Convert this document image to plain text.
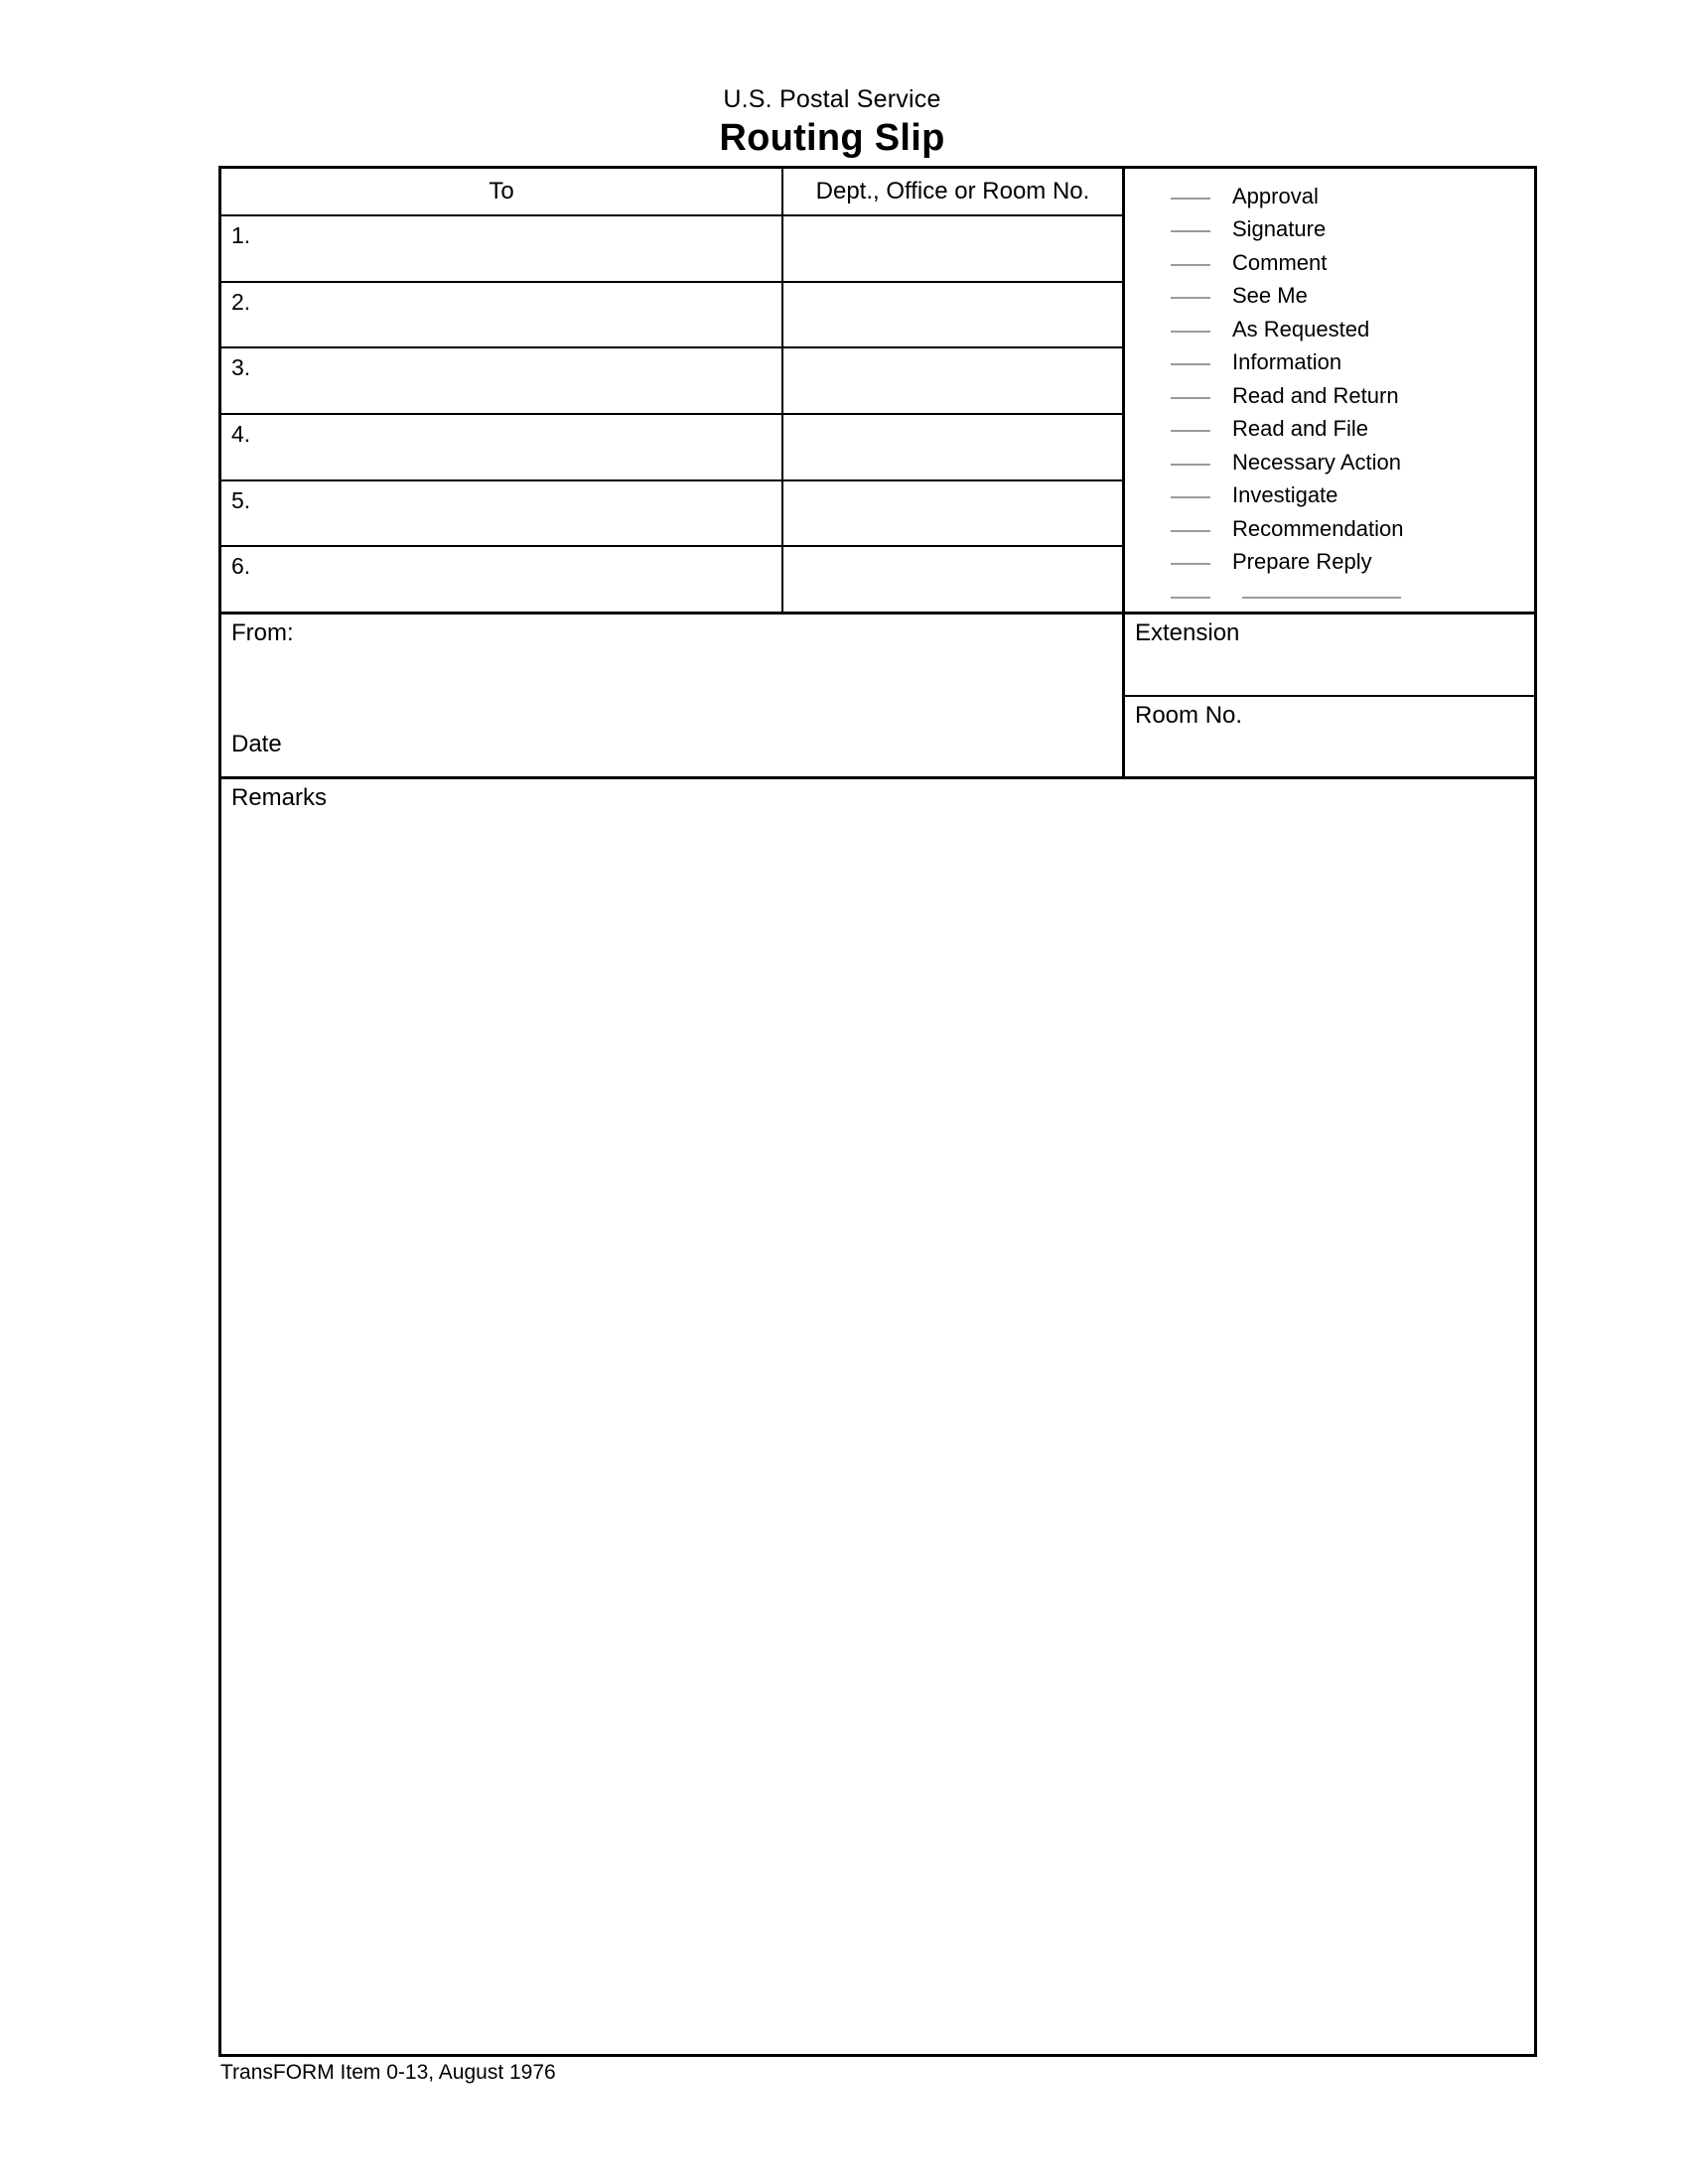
U.S. Postal Service
Routing Slip
To
1.
2.
3.
4.
5.
6.
Dept., Office or Room No.	Approval
Signature
Comment
See Me
As Requested
Information
Read and Return
Read and File
Necessary Action
Investigate
Recommendation
Prepare Reply
From:
Date
Extension
Room No.
Remarks
TransFORM Item 0-13, August 1976
